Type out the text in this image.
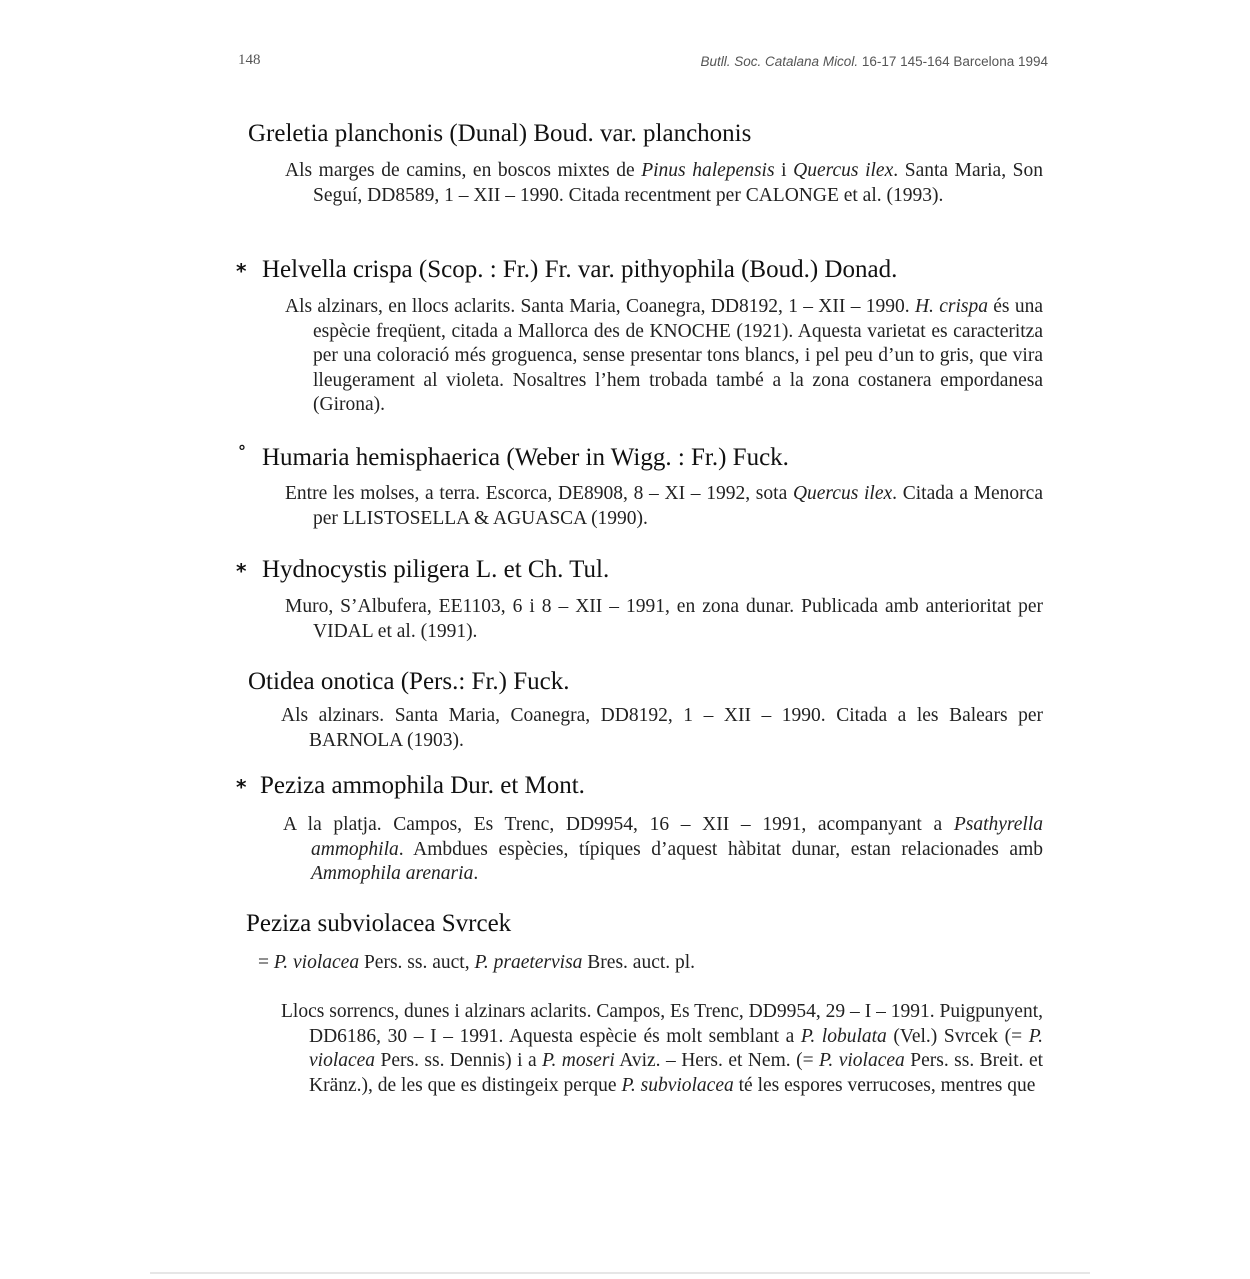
148	Butll. Soc. Catalana Micol. 16-17 145-164 Barcelona 1994
Greletia planchonis (Dunal) Boud. var. planchonis
Als marges de camins, en boscos mixtes de Pinus halepensis i Quercus ilex. Santa Maria, Son Seguí, DD8589, 1 – XII – 1990. Citada recentment per CALONGE et al. (1993).
* Helvella crispa (Scop. : Fr.) Fr. var. pithyophila (Boud.) Donad.
Als alzinars, en llocs aclarits. Santa Maria, Coanegra, DD8192, 1 – XII – 1990. H. crispa és una espècie freqüent, citada a Mallorca des de KNOCHE (1921). Aquesta varietat es caracteritza per una coloració més groguenca, sense presentar tons blancs, i pel peu d’un to gris, que vira lleugerament al violeta. Nosaltres l’hem trobada també a la zona costanera empordanesa (Girona).
° Humaria hemisphaerica (Weber in Wigg. : Fr.) Fuck.
Entre les molses, a terra. Escorca, DE8908, 8 – XI – 1992, sota Quercus ilex. Citada a Menorca per LLISTOSELLA & AGUASCA (1990).
* Hydnocystis piligera L. et Ch. Tul.
Muro, S’Albufera, EE1103, 6 i 8 – XII – 1991, en zona dunar. Publicada amb anterioritat per VIDAL et al. (1991).
Otidea onotica (Pers.: Fr.) Fuck.
Als alzinars. Santa Maria, Coanegra, DD8192, 1 – XII – 1990. Citada a les Balears per BARNOLA (1903).
* Peziza ammophila Dur. et Mont.
A la platja. Campos, Es Trenc, DD9954, 16 – XII – 1991, acompanyant a Psathyrella ammophila. Ambdues espècies, típiques d’aquest hàbitat dunar, estan relacionades amb Ammophila arenaria.
Peziza subviolacea Svrcek
= P. violacea Pers. ss. auct, P. praetervisa Bres. auct. pl.
Llocs sorrencs, dunes i alzinars aclarits. Campos, Es Trenc, DD9954, 29 – I – 1991. Puigpunyent, DD6186, 30 – I – 1991. Aquesta espècie és molt semblant a P. lobulata (Vel.) Svrcek (= P. violacea Pers. ss. Dennis) i a P. moseri Aviz. – Hers. et Nem. (= P. violacea Pers. ss. Breit. et Kränz.), de les que es distingeix perque P. subviolacea té les espores verrucoses, mentres que
